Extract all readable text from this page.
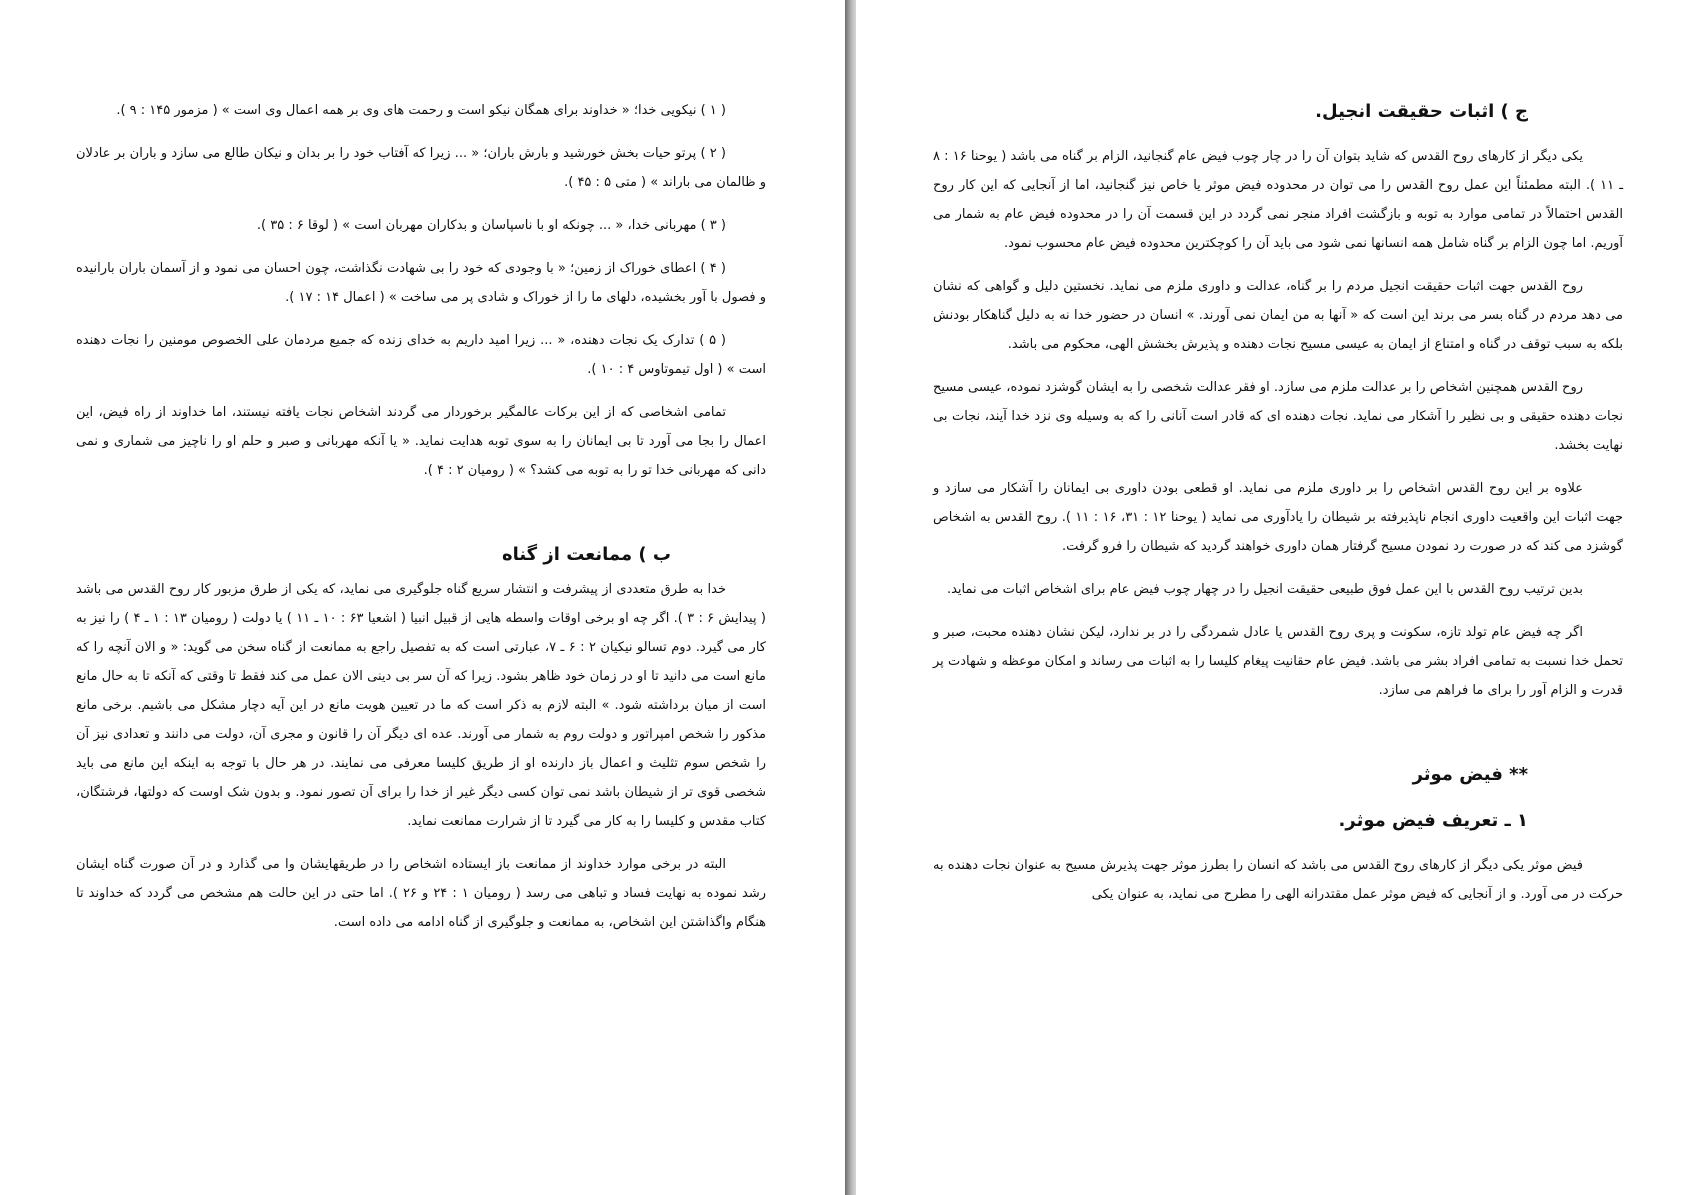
( ۱ ) نیکویی خدا؛ « خداوند برای همگان نیکو است و رحمت های وی بر همه اعمال وی است » ( مزمور ۱۴۵ : ۹ ).

( ۲ ) پرتو حیات بخش خورشید و بارش باران؛ « ... زیرا که آفتاب خود را بر بدان و نیکان طالع می سازد و باران بر عادلان و ظالمان می باراند » ( متی ۵ : ۴۵ ).

( ۳ ) مهربانی خدا، « ... چونکه او با ناسپاسان و بدکاران مهربان است » ( لوقا ۶ : ۳۵ ).

( ۴ ) اعطای خوراک از زمین؛ « با وجودی که خود را بی شهادت نگذاشت، چون احسان می نمود و از آسمان باران بارانیده و فصول با آور بخشیده، دلهای ما را از خوراک و شادی پر می ساخت » ( اعمال ۱۴ : ۱۷ ).

( ۵ ) تدارک یک نجات دهنده، « ... زیرا امید داریم به خدای زنده که جمیع مردمان علی الخصوص مومنین را نجات دهنده است » ( اول تیموتاوس ۴ : ۱۰ ).

تمامی اشخاصی که از این برکات عالمگیر برخوردار می گردند اشخاص نجات یافته نیستند، اما خداوند از راه فیض، این اعمال را بجا می آورد تا بی ایمانان را به سوی توبه هدایت نماید. « یا آنکه مهربانی و صبر و حلم او را ناچیز می شماری و نمی دانی که مهربانی خدا تو را به توبه می کشد؟ » ( رومیان ۲ : ۴ ).

ب ) ممانعت از گناه

خدا به طرق متعددی از پیشرفت و انتشار سریع گناه جلوگیری می نماید، که یکی از طرق مزبور کار روح القدس می باشد ( پیدایش ۶ : ۳ ). اگر چه او برخی اوقات واسطه هایی از قبیل انبیا ( اشعیا ۶۳ : ۱۰ ـ ۱۱ ) یا دولت ( رومیان ۱۳ : ۱ ـ ۴ ) را نیز به کار می گیرد. دوم تسالو نیکیان ۲ : ۶ ـ ۷، عبارتی است که به تفصیل راجع به ممانعت از گناه سخن می گوید: « و الان آنچه را که مانع است می دانید تا او در زمان خود ظاهر بشود. زیرا که آن سر بی دینی الان عمل می کند فقط تا وقتی که آنکه تا به حال مانع است از میان برداشته شود. » البته لازم به ذکر است که ما در تعیین هویت مانع در این آیه دچار مشکل می باشیم. برخی مانع مذکور را شخص امپراتور و دولت روم به شمار می آورند. عده ای دیگر آن را قانون و مجری آن، دولت می دانند و تعدادی نیز آن را شخص سوم تثلیث و اعمال باز دارنده او از طریق کلیسا معرفی می نمایند. در هر حال با توجه به اینکه این مانع می باید شخصی قوی تر از شیطان باشد نمی توان کسی دیگر غیر از خدا را برای آن تصور نمود. و بدون شک اوست که دولتها، فرشتگان، کتاب مقدس و کلیسا را به کار می گیرد تا از شرارت ممانعت نماید.

البته در برخی موارد خداوند از ممانعت باز ایستاده اشخاص را در طریقهایشان وا می گذارد و در آن صورت گناه ایشان رشد نموده به نهایت فساد و تباهی می رسد ( رومیان ۱ : ۲۴ و ۲۶ ). اما حتی در این حالت هم مشخص می گردد که خداوند تا هنگام واگذاشتن این اشخاص، به ممانعت و جلوگیری از گناه ادامه می داده است.

ج ) اثبات حقیقت انجیل.

یکی دیگر از کارهای روح القدس که شاید بتوان آن را در چار چوب فیض عام گنجانید، الزام بر گناه می باشد ( یوحنا ۱۶ : ۸ ـ ۱۱ ). البته مطمئناً این عمل روح القدس را می توان در محدوده فیض موثر یا خاص نیز گنجانید، اما از آنجایی که این کار روح القدس احتمالاً در تمامی موارد به توبه و بازگشت افراد منجر نمی گردد در این قسمت آن را در محدوده فیض عام به شمار می آوریم. اما چون الزام بر گناه شامل همه انسانها نمی شود می باید آن را کوچکترین محدوده فیض عام محسوب نمود.

روح القدس جهت اثبات حقیقت انجیل مردم را بر گناه، عدالت و داوری ملزم می نماید. نخستین دلیل و گواهی که نشان می دهد مردم در گناه بسر می برند این است که « آنها به من ایمان نمی آورند. » انسان در حضور خدا نه به دلیل گناهکار بودنش بلکه به سبب توقف در گناه و امتناع از ایمان به عیسی مسیح نجات دهنده و پذیرش بخشش الهی، محکوم می باشد.

روح القدس همچنین اشخاص را بر عدالت ملزم می سازد. او فقر عدالت شخصی را به ایشان گوشزد نموده، عیسی مسیح نجات دهنده حقیقی و بی نظیر را آشکار می نماید. نجات دهنده ای که قادر است آنانی را که به وسیله وی نزد خدا آیند، نجات بی نهایت بخشد.

علاوه بر این روح القدس اشخاص را بر داوری ملزم می نماید. او قطعی بودن داوری بی ایمانان را آشکار می سازد و جهت اثبات این واقعیت داوری انجام ناپذیرفته بر شیطان را یادآوری می نماید ( یوحنا ۱۲ : ۳۱، ۱۶ : ۱۱ ). روح القدس به اشخاص گوشزد می کند که در صورت رد نمودن مسیح گرفتار همان داوری خواهند گردید که شیطان را فرو گرفت.

بدین ترتیب روح القدس با این عمل فوق طبیعی حقیقت انجیل را در چهار چوب فیض عام برای اشخاص اثبات می نماید.

اگر چه فیض عام تولد تازه، سکونت و پری روح القدس یا عادل شمردگی را در بر ندارد، لیکن نشان دهنده محبت، صبر و تحمل خدا نسبت به تمامی افراد بشر می باشد. فیض عام حقانیت پیغام کلیسا را به اثبات می رساند و امکان موعظه و شهادت پر قدرت و الزام آور را برای ما فراهم می سازد.

** فیض موثر
۱ ـ تعریف فیض موثر.

فیض موثر یکی دیگر از کارهای روح القدس می باشد که انسان را بطرز موثر جهت پذیرش مسیح به عنوان نجات دهنده به حرکت در می آورد. و از آنجایی که فیض موثر عمل مقتدرانه الهی را مطرح می نماید، به عنوان یکی
